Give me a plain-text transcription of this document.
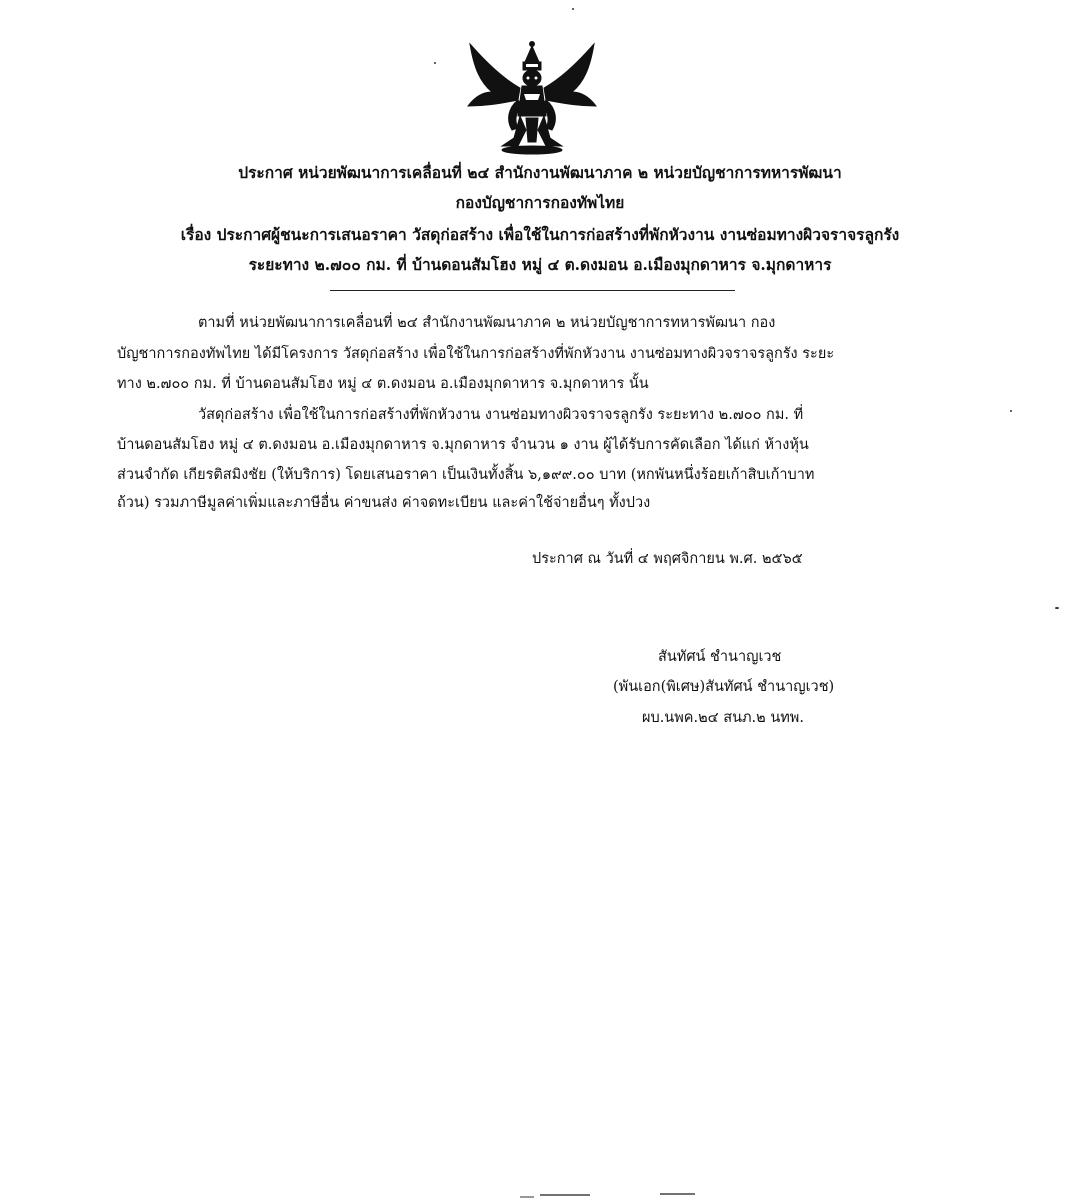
ประกาศ หน่วยพัฒนาการเคลื่อนที่ ๒๔ สำนักงานพัฒนาภาค ๒ หน่วยบัญชาการทหารพัฒนา
กองบัญชาการกองทัพไทย
เรื่อง ประกาศผู้ชนะการเสนอราคา วัสดุก่อสร้าง เพื่อใช้ในการก่อสร้างที่พักหัวงาน งานซ่อมทางผิวจราจรลูกรัง
ระยะทาง ๒.๗๐๐ กม. ที่ บ้านดอนสัมโฮง หมู่ ๔ ต.ดงมอน อ.เมืองมุกดาหาร จ.มุกดาหาร
ตามที่ หน่วยพัฒนาการเคลื่อนที่ ๒๔ สำนักงานพัฒนาภาค ๒ หน่วยบัญชาการทหารพัฒนา กอง
บัญชาการกองทัพไทย ได้มีโครงการ วัสดุก่อสร้าง เพื่อใช้ในการก่อสร้างที่พักหัวงาน งานซ่อมทางผิวจราจรลูกรัง ระยะ
ทาง ๒.๗๐๐ กม. ที่ บ้านดอนสัมโฮง หมู่ ๔ ต.ดงมอน อ.เมืองมุกดาหาร จ.มุกดาหาร นั้น
วัสดุก่อสร้าง เพื่อใช้ในการก่อสร้างที่พักหัวงาน งานซ่อมทางผิวจราจรลูกรัง ระยะทาง ๒.๗๐๐ กม. ที่
บ้านดอนสัมโฮง หมู่ ๔ ต.ดงมอน อ.เมืองมุกดาหาร จ.มุกดาหาร จำนวน ๑ งาน ผู้ได้รับการคัดเลือก ได้แก่ ห้างหุ้น
ส่วนจำกัด เกียรติสมิงชัย (ให้บริการ) โดยเสนอราคา เป็นเงินทั้งสิ้น ๖,๑๙๙.๐๐ บาท (หกพันหนึ่งร้อยเก้าสิบเก้าบาท
ถ้วน) รวมภาษีมูลค่าเพิ่มและภาษีอื่น ค่าขนส่ง ค่าจดทะเบียน และค่าใช้จ่ายอื่นๆ ทั้งปวง
ประกาศ ณ วันที่ ๔ พฤศจิกายน พ.ศ. ๒๕๖๕
สันทัศน์ ชำนาญเวช
(พันเอก(พิเศษ)สันทัศน์ ชำนาญเวช)
ผบ.นพค.๒๔ สนภ.๒ นทพ.
